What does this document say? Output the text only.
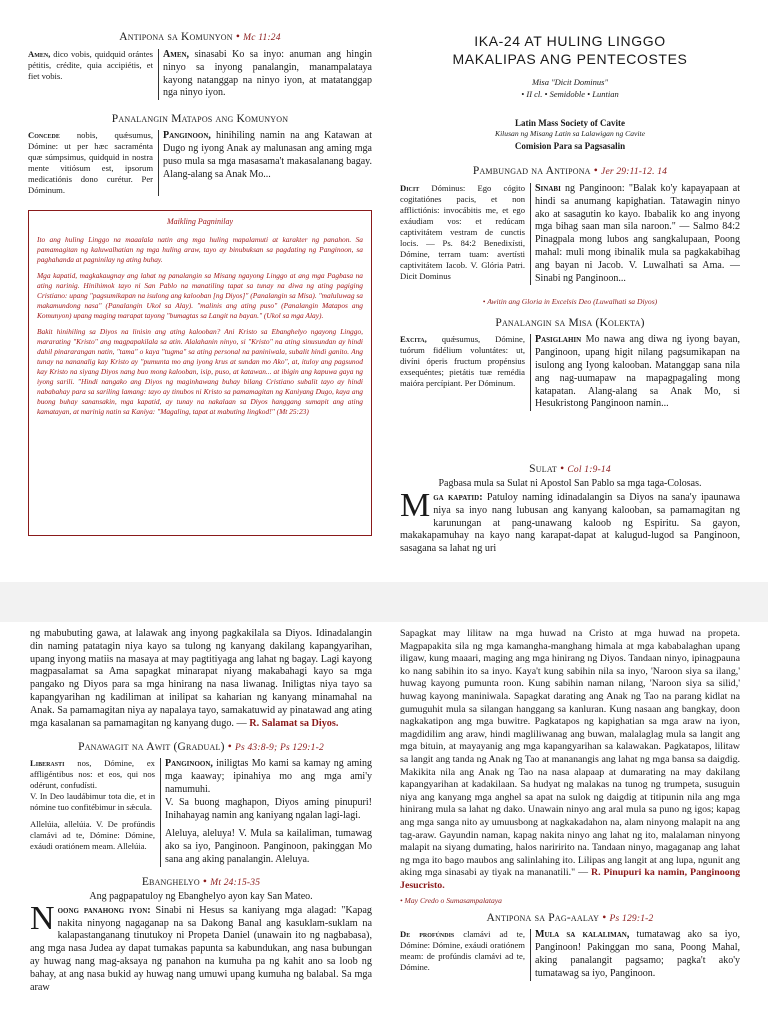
Antipona sa Komunyon • Mc 11:24
Amen, dico vobis, quidquid orántes pétitis, crédite, quia accipiétis, et fiet vobis.
Amen, sinasabi Ko sa inyo: anuman ang hingin ninyo sa inyong panalangin, manampalataya kayong natanggap na ninyo iyon, at matatanggap nga ninyo iyon.
Panalangin Matapos ang Komunyon
Concede nobis, quǽsumus, Dómine: ut per hæc sacraménta quæ súmpsimus, quidquid in nostra mente vitiósum est, ipsorum medicatiónis dono curétur. Per Dóminum.
Panginoon, hinihiling namin na ang Katawan at Dugo ng iyong Anak ay malunasan ang aming mga puso mula sa mga masasama't makasalanang bagay. Alang-alang sa Anak Mo...
Maikling Pagninilay

Ito ang huling Linggo na maaalala natin ang mga huling mapalamuti at karakter ng panahon. Sa pamamagitan ng kaluwalhatian ng mga huling araw, tayo ay binubuksan sa pagdating ng Panginoon, sa paghahanda at pagninilay ng ating buhay.

Mga kapatid, magkakaugnay ang lahat ng panalangin sa Misang ngayong Linggo at ang mga Pagbasa na ating narinig. Hinihimok tayo ni San Pablo na manatiling tapat sa tunay na diwa ng ating pagiging Cristiano: upang "pagsumikapan na isulong ang kalooban [ng Diyos]" (Panalangin sa Misa). "maluluwag sa makamundong nasa" (Panalangin Ukol sa Alay). "malinis ang ating puso" (Panalangin Matapos ang Komunyon) upang maging marapat tayong "bumagtas sa Langit na bayan." (Ukol sa mga Alay).

Bakit hinihiling sa Diyos na linisin ang ating kalooban? Ani Kristo sa Ebanghelyo ngayong Linggo, mararating "Kristo" ang magpapakilala sa atin. Alalahanin ninyo, si "Kristo" na ating sinusundan ay hindi dahil pinararangan natin, "tama" o kaya "tugma" sa ating personal na paniniwala, subalit hindi ganito. Ang tunay na nananalig kay Kristo ay "pumunta mo ang iyong krus at sundan mo Ako", at, ituloy ang pagsunod kay Kristo na siyang Diyos nang buo mong kalooban, isip, puso, at katawan... at ibigin ang kapuwa gaya ng iyong sarili. "Hindi nangako ang Diyos ng maginhawang buhay bilang Cristiano subalit tayo ay hindi nababahay para sa sariling lamang: tayo ay tinubos ni Kristo sa pamamagitan ng Kaniyang Dugo, kaya ang buong buhay sanansakin, mga kapatid, ay tunay na nakalaan sa Diyos hanggang sumapit ang ating kamatayan, at marinig natin sa Kaniya: "Magaling, tapat at mabuting lingkod!" (Mt 25:23)

IKA-24 AT HULING LINGGO
MAKALIPAS ANG PENTECOSTES
Misa "Dicit Dominus"
• II cl. • Semidoble • Luntian
Latin Mass Society of Cavite
Kilusan ng Misang Latin sa Lalawigan ng Cavite
Comision Para sa Pagsasalin
Pambungad na Antipona • Jer 29:11-12. 14
Dicit Dóminus: Ego cógito cogitatiónes pacis, et non afflictiónis: invocábitis me, et ego exáudiam vos: et redúcam captivitátem vestram de cunctis locis. — Ps. 84:2 Benedixísti, Dómine, terram tuam: avertísti captivitátem Iacob. V. Glória Patri. Dicit Dominus
Sinabi ng Panginoon: "Balak ko'y kapayapaan at hindi sa anumang kapighatian. Tatawagin ninyo ako at sasagutin ko kayo. Ibabalik ko ang inyong mga bihag saan man sila naroon." — Salmo 84:2 Pinagpala mong lubos ang sangkalupaan, Poong mahal: muli mong ibinalik mula sa pagkakabihag ang bayan ni Jacob. V. Luwalhati sa Ama. — Sinabi ng Panginoon...
• Awitin ang Gloria in Excelsis Deo (Luwalhati sa Diyos)
Panalangin sa Misa (Kolekta)
Excita, quǽsumus, Dómine, tuórum fidélium voluntátes: ut, divíni óperis fructum propénsius exsequéntes; pietátis tuæ remédia maióra percípiant. Per Dóminum.
Pasiglahin Mo nawa ang diwa ng iyong bayan, Panginoon, upang higit nilang pagsumikapan na isulong ang Iyong kalooban. Matanggap sana nila ang nag-uumapaw na mapagpagaling mong katapatan. Alang-alang sa Anak Mo, si Hesukristong Panginoon namin...
Sulat • Col 1:9-14
Pagbasa mula sa Sulat ni Apostol San Pablo sa mga taga-Colosas.
M ga kapatid: Patuloy naming idinadalangin sa Diyos na sana'y ipaunawa niya sa inyo nang lubusan ang kanyang kalooban, sa pamamagitan ng karunungan at pang-unawang kaloob ng Espiritu. Sa gayon, makakapamuhay na kayo nang karapat-dapat at kalugud-lugod sa Panginoon, sasagana sa lahat ng uri
ng mabubuting gawa, at lalawak ang inyong pagkakilala sa Diyos. Idinadalangin din naming patatagin niya kayo sa tulong ng kanyang dakilang kapangyarihan, upang inyong matiis na masaya at may pagtitiyaga ang lahat ng bagay. Lagi kayong magpasalamat sa Ama sapagkat minarapat niyang makabahagi kayo sa mga pangako ng Diyos para sa mga hinirang na nasa liwanag. Iniligtas niya tayo sa kapangyarihan ng kadiliman at inilipat sa kaharian ng kanyang minamahal na Anak. Sa pamamagitan niya ay napalaya tayo, samakatuwid ay pinatawad ang ating mga kasalanan sa pamamagitan ng kanyang dugo. — R. Salamat sa Diyos.
Panawagit na Awit (Gradual) • Ps 43:8-9; Ps 129:1-2
Liberasti nos, Dómine, ex affligéntibus nos: et eos, qui nos odérunt, confudísti.
V. In Deo laudábimur tota die, et in nómine tuo confitébimur in sǽcula.
Allelúia, allelúia. V. De profúndis clamávi ad te, Dómine: Dómine, exáudi oratiónem meam. Allelúia.
Panginoon, iniligtas Mo kami sa kamay ng aming mga kaaway; ipinahiya mo ang mga ami'y namumuhi.
V. Sa buong maghapon, Diyos aming pinupuri! Inihahayag namin ang kaniyang ngalan lagi-lagi.
Aleluya, aleluya! V. Mula sa kailaliman, tumawag ako sa iyo, Panginoon. Panginoon, pakinggan Mo sana ang aking panalangin. Aleluya.
Ebanghelyo • Mt 24:15-35
Ang pagpapatuloy ng Ebanghelyo ayon kay San Mateo.
N oong panahong iyon: Sinabi ni Hesus sa kaniyang mga alagad: "Kapag nakita ninyong nagaganap na sa Dakong Banal ang kasuklam-suklam na kalapastanganang tinutukoy ni Propeta Daniel (unawain ito ng nagbabasa), ang mga nasa Judea ay dapat tumakas papunta sa kabundukan, ang nasa bubungan ay huwag nang mag-aksaya ng panahon na kumuha pa ng kahit ano sa loob ng bahay, at ang nasa bukid ay huwag nang umuwi upang kumuha ng balabal. Sa mga araw
Sapagkat may lilitaw na mga huwad na Cristo at mga huwad na propeta. Magpapakita sila ng mga kamangha-manghang himala at mga kababalaghan upang iligaw, kung maaari, maging ang mga hinirang ng Diyos. Tandaan ninyo, ipinagpauna ko nang sabihin ito sa inyo. Kaya't kung sabihin nila sa inyo, 'Naroon siya sa ilang,' huwag kayong pumunta roon. Kung sabihin naman nilang, 'Naroon siya sa silid,' huwag kayong maniniwala. Sapagkat darating ang Anak ng Tao na parang kidlat na gumuguhit mula sa silangan hanggang sa kanluran. Kung nasaan ang bangkay, doon nagkakatipon ang mga buwitre. Pagkatapos ng kapighatian sa mga araw na iyon, magdidilim ang araw, hindi magliliwanag ang buwan, malalaglag mula sa langit ang mga bituin, at mayayanig ang mga kapangyarihan sa kalawakan. Pagkatapos, lilitaw sa langit ang tanda ng Anak ng Tao at mananangis ang lahat ng mga bansa sa daigdig. Makikita nila ang Anak ng Tao na nasa alapaap at dumarating na may dakilang kapangyarihan at kadakilaan. Sa hudyat ng malakas na tunog ng trumpeta, susuguin niya ang kanyang mga anghel sa apat na sulok ng daigdig at titipunin nila ang mga hinirang mula sa lahat ng dako. Unawain ninyo ang aral mula sa puno ng igos; kapag ang mga sanga nito ay umuusbong at nagkakadahon na, alam ninyong malapit na ang tag-araw. Gayundin naman, kapag nakita ninyo ang lahat ng ito, malalaman ninyong malapit na siyang dumating, halos nariririto na. Tandaan ninyo, magaganap ang lahat ng mga ito bago maubos ang salinlahing ito. Lilipas ang langit at ang lupa, ngunit ang aking mga sinasabi ay tiyak na mananatili." — R. Pinupuri ka namin, Panginoong Jesucristo.
• May Credo o Sumasampalataya
Antipona sa Pag-aalay • Ps 129:1-2
De profúndis clamávi ad te, Dómine: Dómine, exáudi oratiónem meam: de profúndis clamávi ad te, Dómine.
Mula sa kalaliman, tumatawag ako sa iyo, Panginoon! Pakinggan mo sana, Poong Mahal, aking panalangit pagsamo; pagka't ako'y tumatawag sa iyo, Panginoon.
